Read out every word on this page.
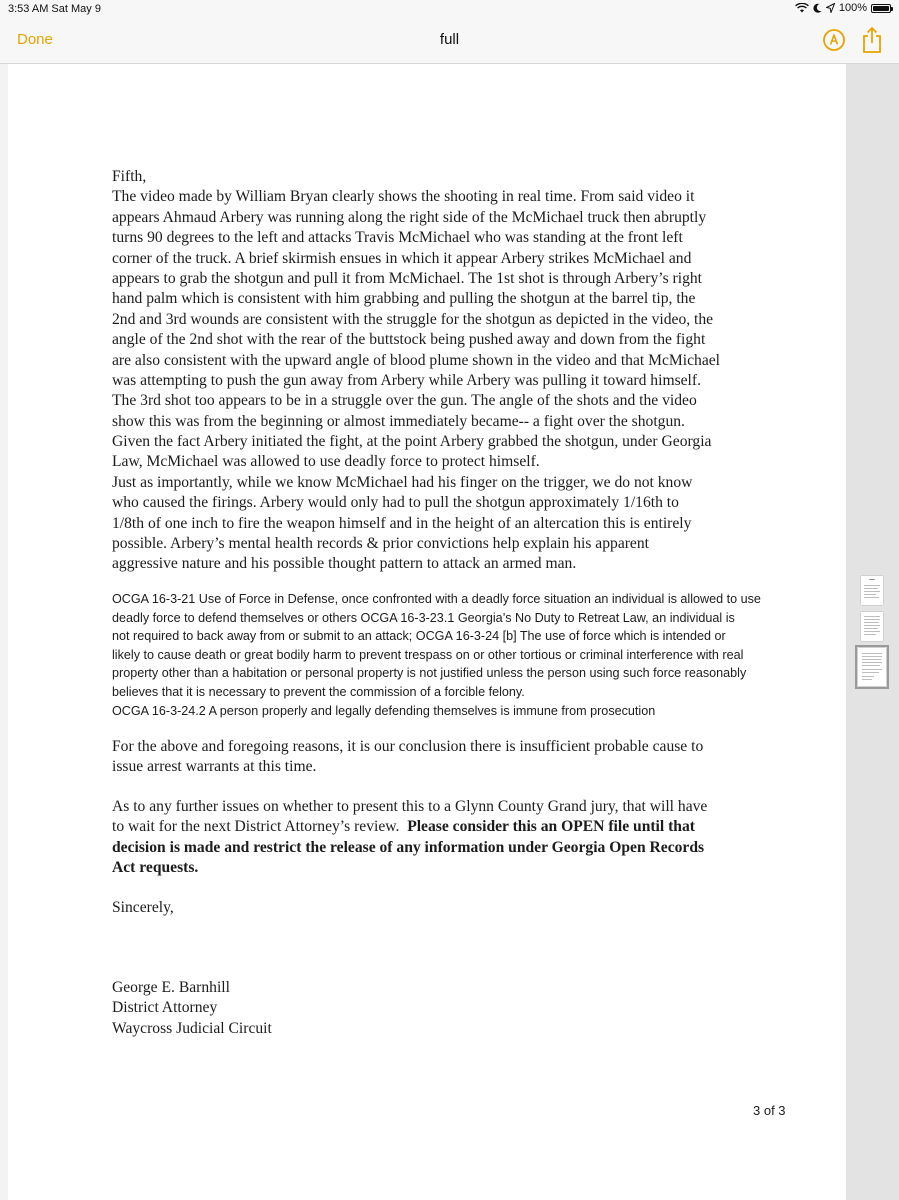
3:53 AM Sat May 9	100%
Done	full
Fifth,
The video made by William Bryan clearly shows the shooting in real time. From said video it
appears Ahmaud Arbery was running along the right side of the McMichael truck then abruptly
turns 90 degrees to the left and attacks Travis McMichael who was standing at the front left
corner of the truck. A brief skirmish ensues in which it appear Arbery strikes McMichael and
appears to grab the shotgun and pull it from McMichael. The 1st shot is through Arbery’s right
hand palm which is consistent with him grabbing and pulling the shotgun at the barrel tip, the
2nd and 3rd wounds are consistent with the struggle for the shotgun as depicted in the video, the
angle of the 2nd shot with the rear of the buttstock being pushed away and down from the fight
are also consistent with the upward angle of blood plume shown in the video and that McMichael
was attempting to push the gun away from Arbery while Arbery was pulling it toward himself.
The 3rd shot too appears to be in a struggle over the gun. The angle of the shots and the video
show this was from the beginning or almost immediately became-- a fight over the shotgun.
Given the fact Arbery initiated the fight, at the point Arbery grabbed the shotgun, under Georgia
Law, McMichael was allowed to use deadly force to protect himself.
Just as importantly, while we know McMichael had his finger on the trigger, we do not know
who caused the firings. Arbery would only had to pull the shotgun approximately 1/16th to
1/8th of one inch to fire the weapon himself and in the height of an altercation this is entirely
possible. Arbery’s mental health records & prior convictions help explain his apparent
aggressive nature and his possible thought pattern to attack an armed man.
OCGA 16-3-21 Use of Force in Defense, once confronted with a deadly force situation an individual is allowed to use
deadly force to defend themselves or others OCGA 16-3-23.1 Georgia’s No Duty to Retreat Law, an individual is
not required to back away from or submit to an attack; OCGA 16-3-24 [b] The use of force which is intended or
likely to cause death or great bodily harm to prevent trespass on or other tortious or criminal interference with real
property other than a habitation or personal property is not justified unless the person using such force reasonably
believes that it is necessary to prevent the commission of a forcible felony.
OCGA 16-3-24.2 A person properly and legally defending themselves is immune from prosecution
For the above and foregoing reasons, it is our conclusion there is insufficient probable cause to
issue arrest warrants at this time.
As to any further issues on whether to present this to a Glynn County Grand jury, that will have
to wait for the next District Attorney’s review.  Please consider this an OPEN file until that
decision is made and restrict the release of any information under Georgia Open Records
Act requests.
Sincerely,
George E. Barnhill
District Attorney
Waycross Judicial Circuit
3 of 3
